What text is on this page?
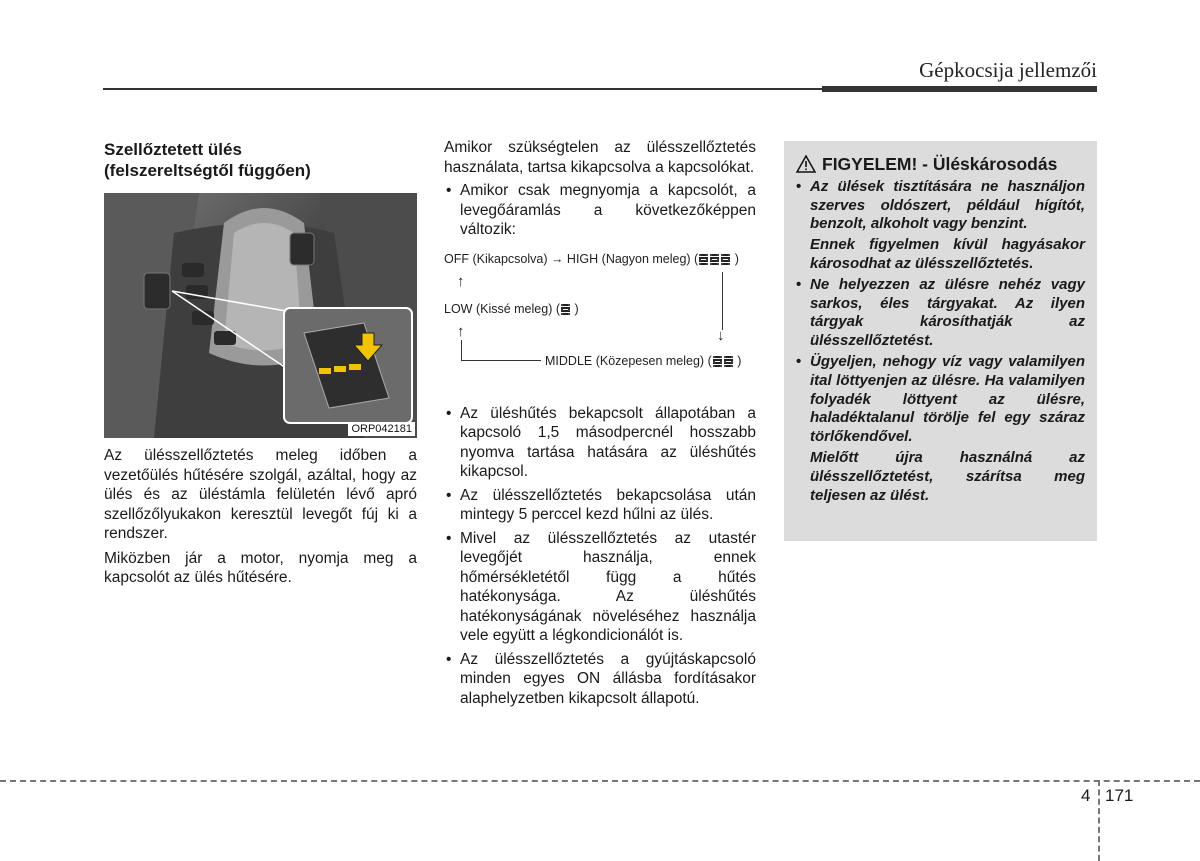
Gépkocsija jellemzői
Szellőztetett ülés
(felszereltségtől függően)
ORP042181

Az ülésszellőztetés meleg időben a vezetőülés hűtésére szolgál, azáltal, hogy az ülés és az üléstámla felületén lévő apró szellőzőlyukakon keresztül levegőt fúj ki a rendszer.

Miközben jár a motor, nyomja meg a kapcsolót az ülés hűtésére.

Amikor szükségtelen az ülésszellőztetés használata, tartsa kikapcsolva a kapcsolókat.

• Amikor csak megnyomja a kapcsolót, a levegőáramlás a következőképpen változik:
OFF (Kikapcsolva) → HIGH (Nagyon meleg) (	)
↑
LOW (Kissé meleg) ( )
↑	↓
MIDDLE (Közepesen meleg) ( )
• Az üléshűtés bekapcsolt állapotában a kapcsoló 1,5 másodpercnél hosszabb nyomva tartása hatására az üléshűtés kikapcsol.
• Az ülésszellőztetés bekapcsolása után mintegy 5 perccel kezd hűlni az ülés.
• Mivel az ülésszellőztetés az utastér levegőjét használja, ennek hőmérsékletétől függ a hűtés hatékonysága. Az üléshűtés hatékonyságának növeléséhez használja vele együtt a légkondicionálót is.
• Az ülésszellőztetés a gyújtáskapcsoló minden egyes ON állásba fordításakor alaphelyzetben kikapcsolt állapotú.
FIGYELEM! - Üléskárosodás
• Az ülések tisztítására ne használjon szerves oldószert, például hígítót, benzolt, alkoholt vagy benzint.
Ennek figyelmen kívül hagyásakor károsodhat az ülésszellőztetés.
• Ne helyezzen az ülésre nehéz vagy sarkos, éles tárgyakat. Az ilyen tárgyak károsíthatják az ülésszellőztetést.
• Ügyeljen, nehogy víz vagy valamilyen ital löttyenjen az ülésre. Ha valamilyen folyadék löttyent az ülésre, haladéktalanul törölje fel egy száraz törlőkendővel.
Mielőtt újra használná az ülésszellőztetést, szárítsa meg teljesen az ülést.
4 171
